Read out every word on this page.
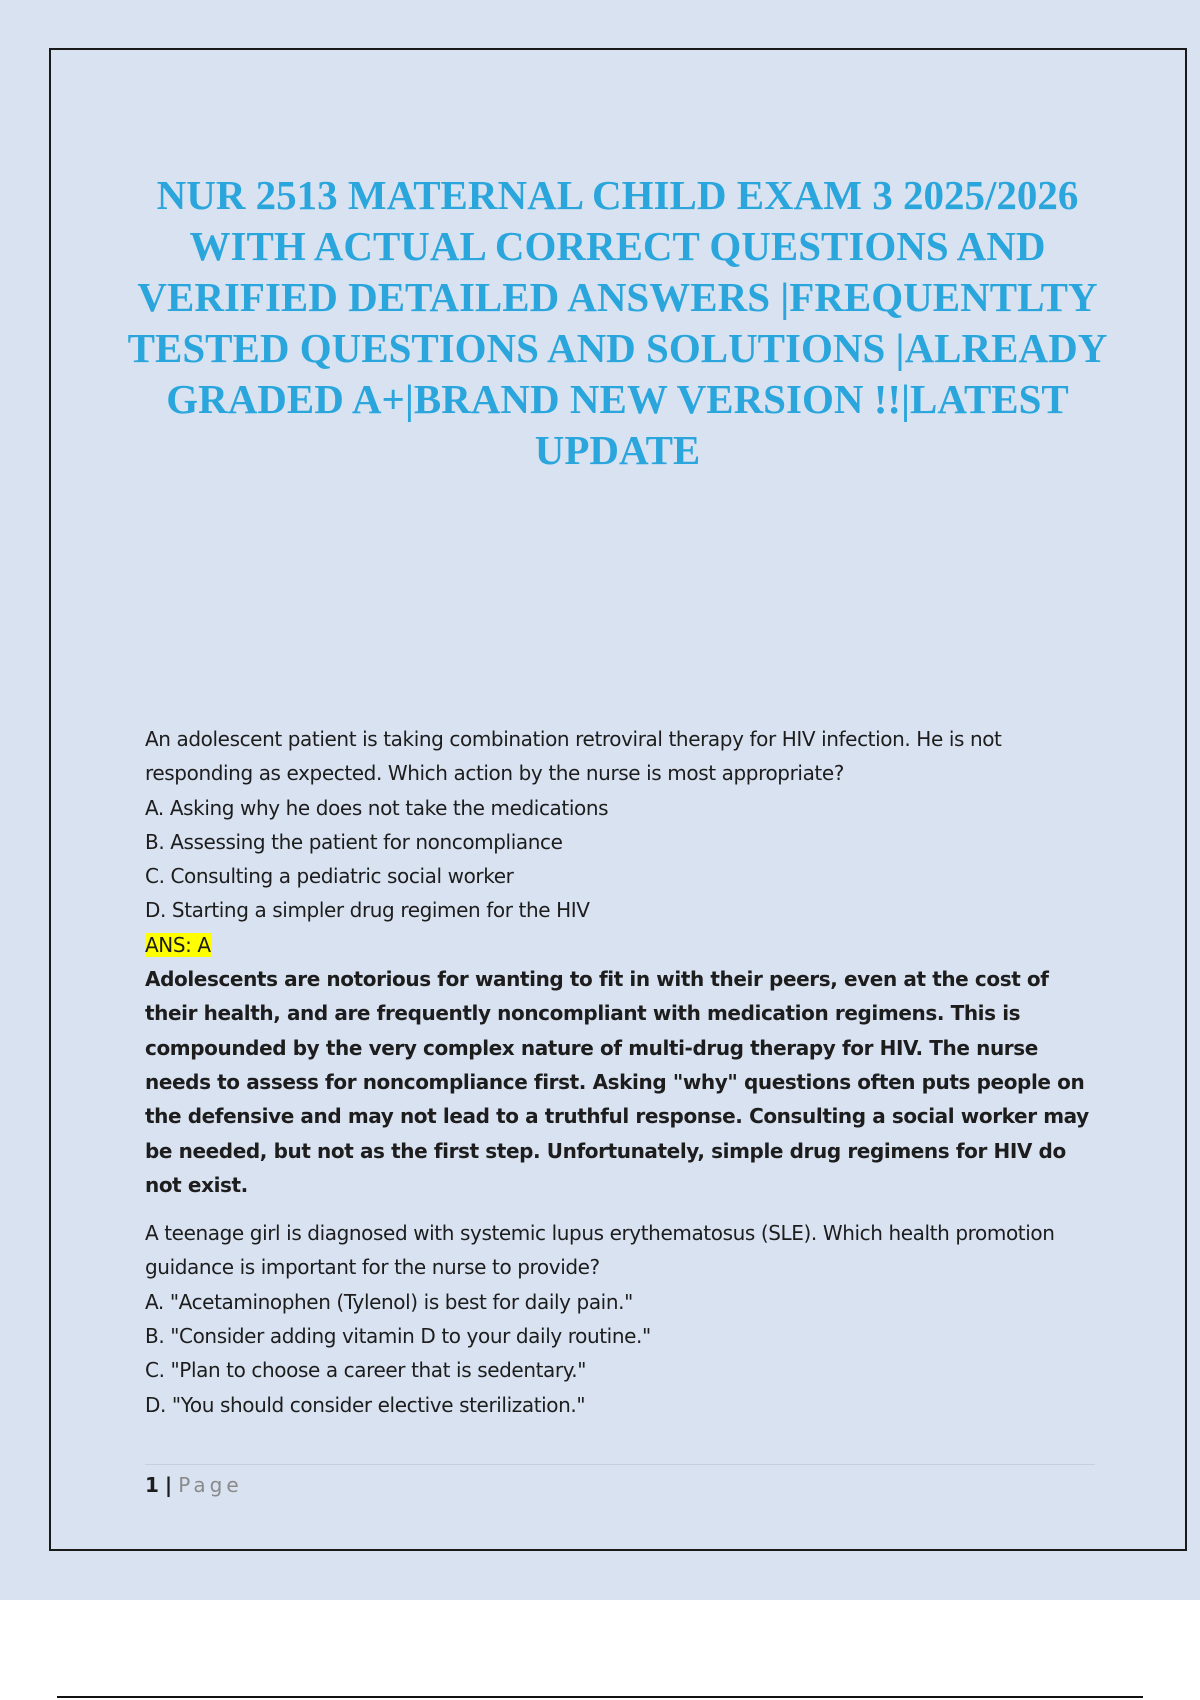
NUR 2513 MATERNAL CHILD EXAM 3 2025/2026 WITH ACTUAL CORRECT QUESTIONS AND VERIFIED DETAILED ANSWERS |FREQUENTLTY TESTED QUESTIONS AND SOLUTIONS |ALREADY GRADED A+|BRAND NEW VERSION !!|LATEST UPDATE

An adolescent patient is taking combination retroviral therapy for HIV infection. He is not responding as expected. Which action by the nurse is most appropriate?

A. Asking why he does not take the medications
B. Assessing the patient for noncompliance
C. Consulting a pediatric social worker
D. Starting a simpler drug regimen for the HIV

ANS: A

Adolescents are notorious for wanting to fit in with their peers, even at the cost of their health, and are frequently noncompliant with medication regimens. This is compounded by the very complex nature of multi-drug therapy for HIV. The nurse needs to assess for noncompliance first. Asking "why" questions often puts people on the defensive and may not lead to a truthful response. Consulting a social worker may be needed, but not as the first step. Unfortunately, simple drug regimens for HIV do not exist.

A teenage girl is diagnosed with systemic lupus erythematosus (SLE). Which health promotion guidance is important for the nurse to provide?

A. "Acetaminophen (Tylenol) is best for daily pain."
B. "Consider adding vitamin D to your daily routine."
C. "Plan to choose a career that is sedentary."
D. "You should consider elective sterilization."
1 | Page
